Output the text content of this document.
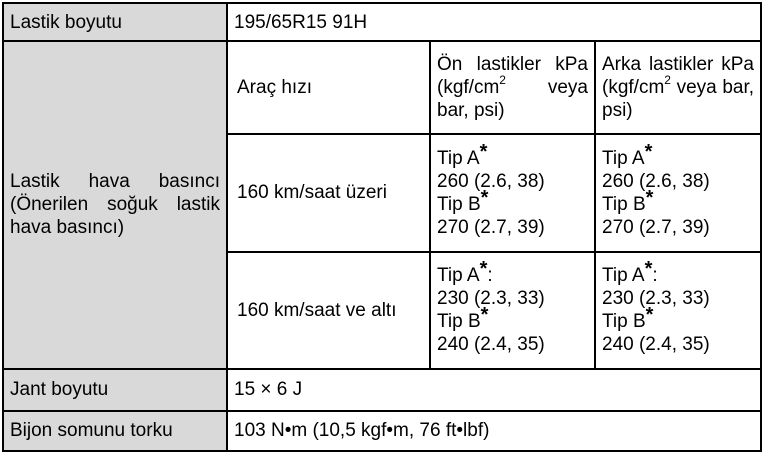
Lastik boyutu	195/65R15 91H		
Lastik hava basıncı (Önerilen soğuk lastik hava basıncı)	Araç hızı	Ön lastikler kPa ($kgf/cm^2$ veya bar, psi)	Arka lastikler kPa ($kgf/cm^2$ veya bar, psi)
	160 km/saat üzeri	Tip A*
260 (2.6, 38)
Tip B*
270 (2.7, 39)	Tip A*
260 (2.6, 38)
Tip B*
270 (2.7, 39)

	160 km/saat ve altı	Tip A*:
230 (2.3, 33)
Tip B*
240 (2.4, 35)	Tip A*:
230 (2.3, 33)
Tip B*
240 (2.4, 35)

Jant boyutu	15 × 6 J		
Bijon somunu torku	103 N•m (10,5 kgf•m, 76 ft•lbf)		
